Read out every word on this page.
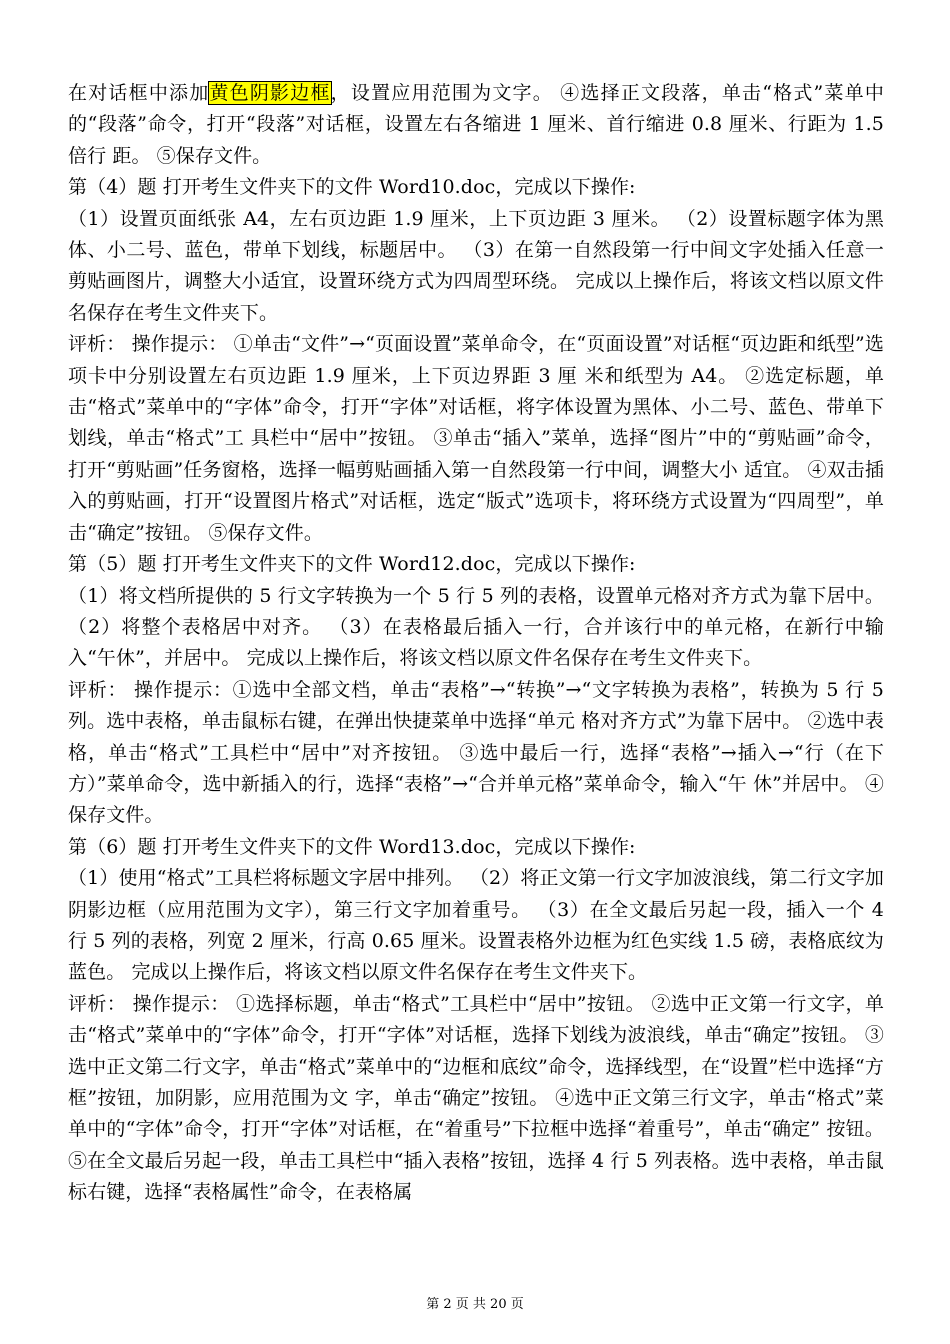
在对话框中添加黄色阴影边框，设置应用范围为文字。 ④选择正文段落，单击“格式”菜单中的“段落”命令，打开“段落”对话框，设置左右各缩进 1 厘米、首行缩进 0.8 厘米、行距为 1.5 倍行 距。 ⑤保存文件。

第（4）题 打开考生文件夹下的文件 Word10.doc，完成以下操作:

（1）设置页面纸张 A4，左右页边距 1.9 厘米，上下页边距 3 厘米。 （2）设置标题字体为黑体、小二号、蓝色，带单下划线，标题居中。 （3）在第一自然段第一行中间文字处插入任意一剪贴画图片，调整大小适宜，设置环绕方式为四周型环绕。 完成以上操作后，将该文档以原文件名保存在考生文件夹下。

评析： 操作提示： ①单击“文件”→“页面设置”菜单命令，在“页面设置”对话框“页边距和纸型”选项卡中分别设置左右页边距 1.9 厘米，上下页边界距 3 厘 米和纸型为 A4。 ②选定标题，单击“格式”菜单中的“字体”命令，打开“字体”对话框，将字体设置为黑体、小二号、蓝色、带单下划线，单击“格式”工 具栏中“居中”按钮。 ③单击“插入”菜单，选择“图片”中的“剪贴画”命令，打开“剪贴画”任务窗格，选择一幅剪贴画插入第一自然段第一行中间，调整大小 适宜。 ④双击插入的剪贴画，打开“设置图片格式”对话框，选定“版式”选项卡，将环绕方式设置为“四周型”，单击“确定”按钮。 ⑤保存文件。

第（5）题 打开考生文件夹下的文件 Word12.doc，完成以下操作:

（1）将文档所提供的 5 行文字转换为一个 5 行 5 列的表格，设置单元格对齐方式为靠下居中。 （2）将整个表格居中对齐。 （3）在表格最后插入一行，合并该行中的单元格，在新行中输入“午休”，并居中。 完成以上操作后，将该文档以原文件名保存在考生文件夹下。

评析： 操作提示：①选中全部文档，单击“表格”→“转换”→“文字转换为表格”，转换为 5 行 5 列。选中表格，单击鼠标右键，在弹出快捷菜单中选择“单元 格对齐方式”为靠下居中。 ②选中表格，单击“格式”工具栏中“居中”对齐按钮。 ③选中最后一行，选择“表格”→插入→“行（在下方）”菜单命令，选中新插入的行，选择“表格”→“合并单元格”菜单命令，输入“午 休”并居中。 ④保存文件。

第（6）题 打开考生文件夹下的文件 Word13.doc，完成以下操作:

（1）使用“格式”工具栏将标题文字居中排列。 （2）将正文第一行文字加波浪线，第二行文字加阴影边框（应用范围为文字），第三行文字加着重号。 （3）在全文最后另起一段，插入一个 4 行 5 列的表格，列宽 2 厘米，行高 0.65 厘米。设置表格外边框为红色实线 1.5 磅，表格底纹为蓝色。 完成以上操作后，将该文档以原文件名保存在考生文件夹下。

评析： 操作提示： ①选择标题，单击“格式”工具栏中“居中”按钮。 ②选中正文第一行文字，单击“格式”菜单中的“字体”命令，打开“字体”对话框，选择下划线为波浪线，单击“确定”按钮。 ③选中正文第二行文字，单击“格式”菜单中的“边框和底纹”命令，选择线型，在“设置”栏中选择“方框”按钮，加阴影，应用范围为文 字，单击“确定”按钮。 ④选中正文第三行文字，单击“格式”菜单中的“字体”命令，打开“字体”对话框，在“着重号”下拉框中选择“着重号”，单击“确定” 按钮。 ⑤在全文最后另起一段，单击工具栏中“插入表格”按钮，选择 4 行 5 列表格。选中表格，单击鼠标右键，选择“表格属性”命令，在表格属

第 2 页 共 20 页
